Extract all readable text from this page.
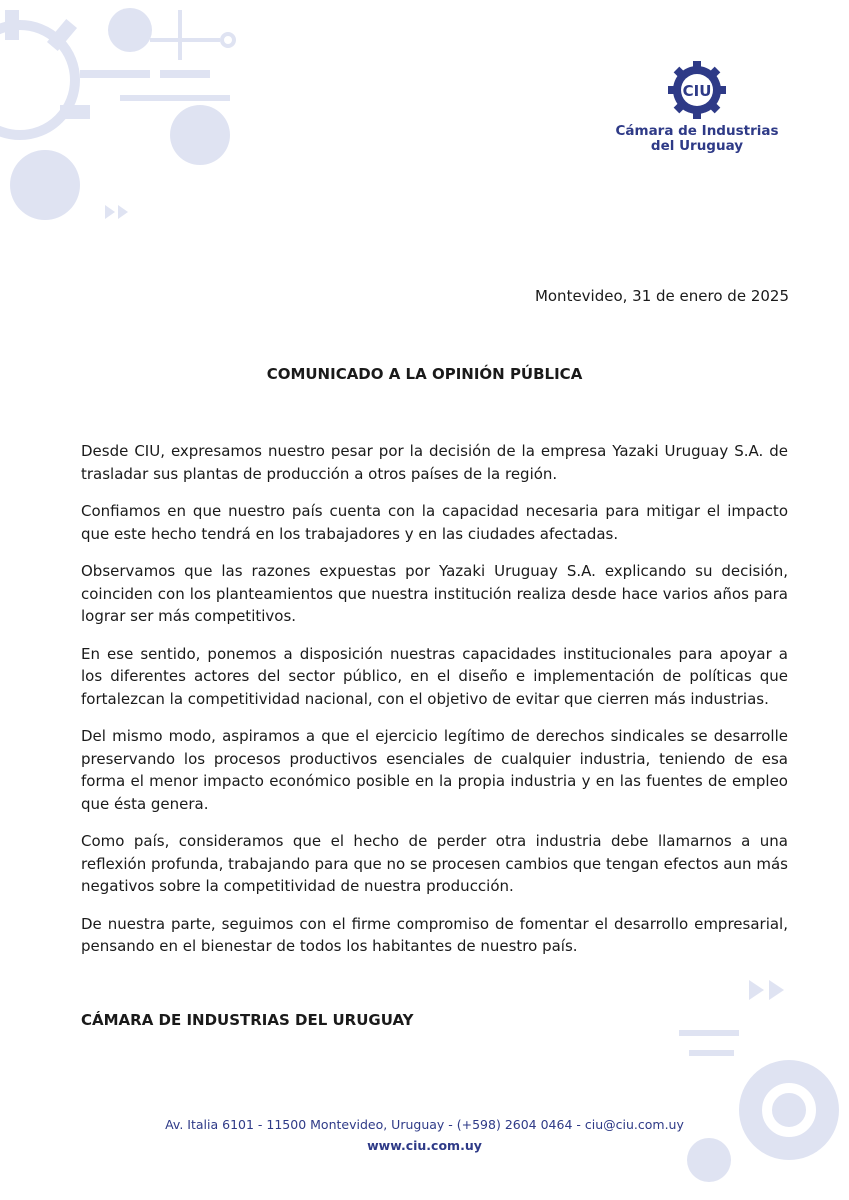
CIU
Cámara de Industrias
del Uruguay
Montevideo, 31 de enero de 2025
COMUNICADO A LA OPINIÓN PÚBLICA

Desde CIU, expresamos nuestro pesar por la decisión de la empresa Yazaki Uruguay S.A. de trasladar sus plantas de producción a otros países de la región.

Confiamos en que nuestro país cuenta con la capacidad necesaria para mitigar el impacto que este hecho tendrá en los trabajadores y en las ciudades afectadas.

Observamos que las razones expuestas por Yazaki Uruguay S.A. explicando su decisión, coinciden con los planteamientos que nuestra institución realiza desde hace varios años para lograr ser más competitivos.

En ese sentido, ponemos a disposición nuestras capacidades institucionales para apoyar a los diferentes actores del sector público, en el diseño e implementación de políticas que fortalezcan la competitividad nacional, con el objetivo de evitar que cierren más industrias.

Del mismo modo, aspiramos a que el ejercicio legítimo de derechos sindicales se desarrolle preservando los procesos productivos esenciales de cualquier industria, teniendo de esa forma el menor impacto económico posible en la propia industria y en las fuentes de empleo que ésta genera.

Como país, consideramos que el hecho de perder otra industria debe llamarnos a una reflexión profunda, trabajando para que no se procesen cambios que tengan efectos aun más negativos sobre la competitividad de nuestra producción.

De nuestra parte, seguimos con el firme compromiso de fomentar el desarrollo empresarial, pensando en el bienestar de todos los habitantes de nuestro país.

CÁMARA DE INDUSTRIAS DEL URUGUAY
Av. Italia 6101 - 11500 Montevideo, Uruguay - (+598) 2604 0464 - ciu@ciu.com.uy
www.ciu.com.uy
